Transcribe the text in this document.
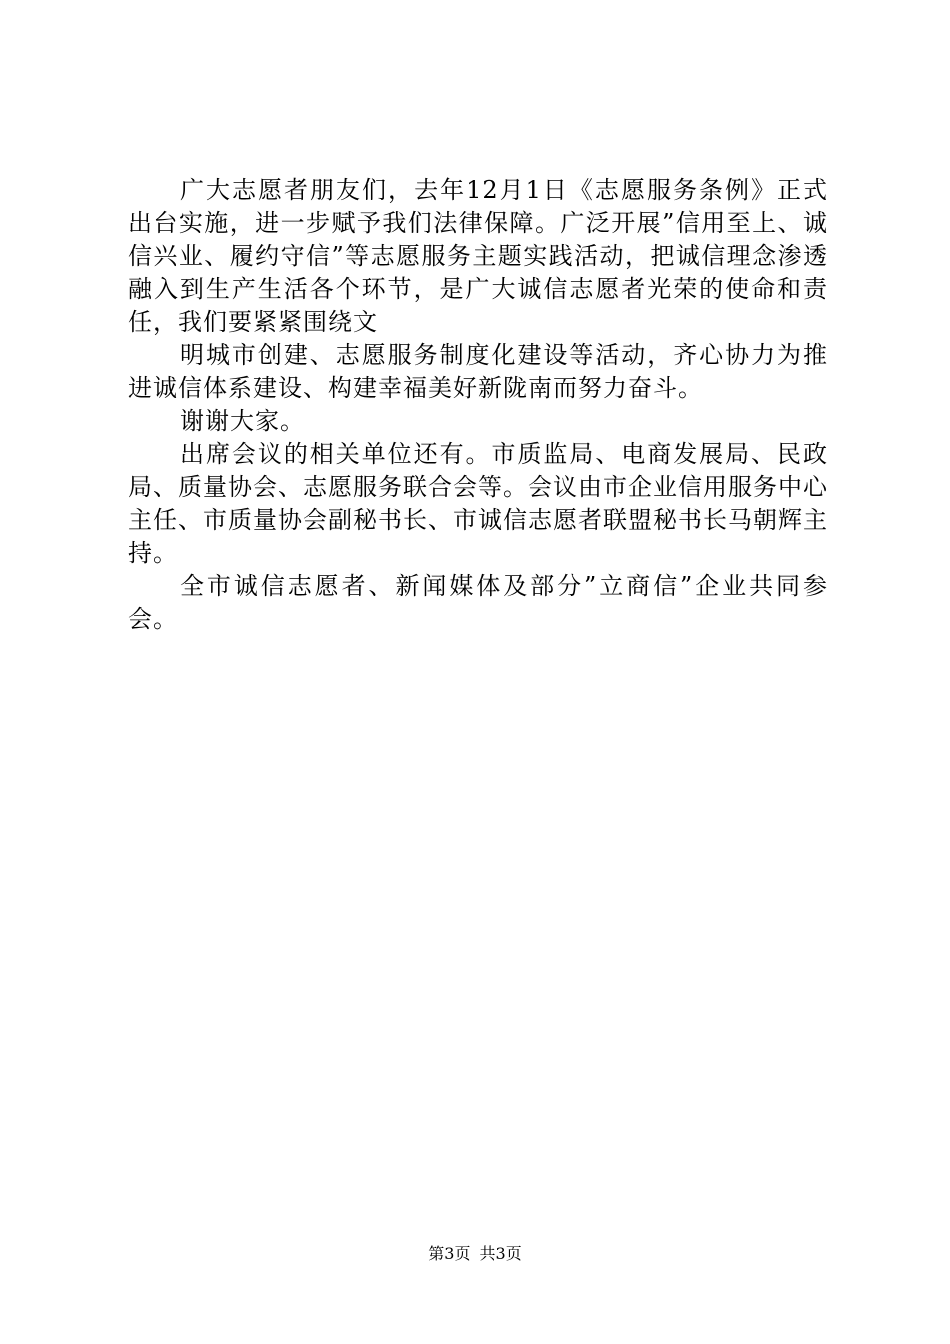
广大志愿者朋友们，去年12月1日《志愿服务条例》正式出台实施，进一步赋予我们法律保障。广泛开展”信用至上、诚信兴业、履约守信”等志愿服务主题实践活动，把诚信理念渗透融入到生产生活各个环节，是广大诚信志愿者光荣的使命和责任，我们要紧紧围绕文

明城市创建、志愿服务制度化建设等活动，齐心协力为推进诚信体系建设、构建幸福美好新陇南而努力奋斗。

谢谢大家。

出席会议的相关单位还有。市质监局、电商发展局、民政局、质量协会、志愿服务联合会等。会议由市企业信用服务中心主任、市质量协会副秘书长、市诚信志愿者联盟秘书长马朝辉主持。

全市诚信志愿者、新闻媒体及部分”立商信”企业共同参会。

第3页 共3页
